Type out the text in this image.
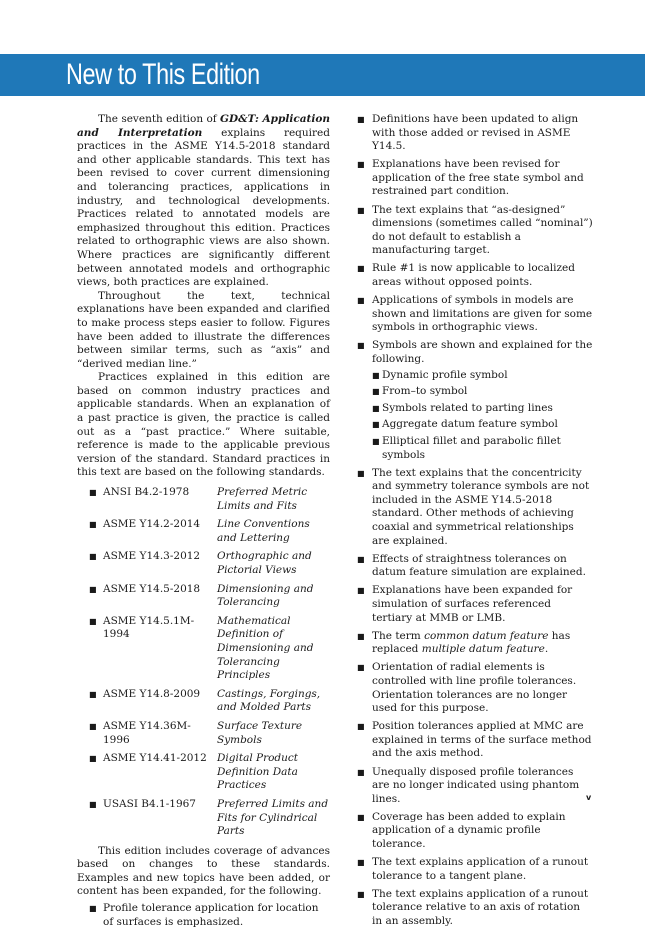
New to This Edition

The seventh edition of GD&T: Application and Interpretation explains required practices in the ASME Y14.5-2018 standard and other applicable standards. This text has been revised to cover current dimensioning and tolerancing practices, applications in industry, and technological developments. Practices related to annotated models are emphasized throughout this edition. Practices related to orthographic views are also shown. Where practices are significantly different between annotated models and orthographic views, both practices are explained.

Throughout the text, technical explanations have been expanded and clarified to make process steps easier to follow. Figures have been added to illustrate the differences between similar terms, such as “axis” and “derived median line.”

Practices explained in this edition are based on common industry practices and applicable standards. When an explanation of a past practice is given, the practice is called out as a “past practice.” Where suitable, reference is made to the applicable previous version of the standard. Standard practices in this text are based on the following standards.

■ ANSI B4.2-1978	Preferred Metric Limits and Fits
■ ASME Y14.2-2014	Line Conventions and Lettering
■ ASME Y14.3-2012	Orthographic and Pictorial Views
■ ASME Y14.5-2018	Dimensioning and Tolerancing
■ ASME Y14.5.1M-1994
Mathematical Definition of Dimensioning and Tolerancing Principles
■ ASME Y14.8-2009	Castings, Forgings, and Molded Parts
■ ASME Y14.36M-1996
Surface Texture Symbols
■ ASME Y14.41-2012 Digital Product Definition Data Practices
■ USASI B4.1-1967	Preferred Limits and Fits for Cylindrical Parts

This edition includes coverage of advances based on changes to these standards. Examples and new topics have been added, or content has been expanded, for the following.

■ Profile tolerance application for location of surfaces is emphasized.
■ Definitions have been updated to align with those added or revised in ASME Y14.5.
■ Explanations have been revised for application of the free state symbol and restrained part condition.
■ The text explains that “as-designed” dimensions (sometimes called “nominal”) do not default to establish a manufacturing target.
■ Rule #1 is now applicable to localized areas without opposed points.
■ Applications of symbols in models are shown and limitations are given for some symbols in orthographic views.
■ Symbols are shown and explained for the following.
■ Dynamic profile symbol
■ From–to symbol
■ Symbols related to parting lines
■ Aggregate datum feature symbol
■ Elliptical fillet and parabolic fillet symbols
■ The text explains that the concentricity and symmetry tolerance symbols are not included in the ASME Y14.5-2018 standard. Other methods of achieving coaxial and symmetrical relationships are explained.
■ Effects of straightness tolerances on datum feature simulation are explained.
■ Explanations have been expanded for simulation of surfaces referenced tertiary at MMB or LMB.
■ The term common datum feature has replaced multiple datum feature.
■ Orientation of radial elements is controlled with line profile tolerances. Orientation tolerances are no longer used for this purpose.
■ Position tolerances applied at MMC are explained in terms of the surface method and the axis method.
■ Unequally disposed profile tolerances are no longer indicated using phantom lines.
■ Coverage has been added to explain application of a dynamic profile tolerance.
■ The text explains application of a runout tolerance to a tangent plane.
■ The text explains application of a runout tolerance relative to an axis of rotation in an assembly.
v
